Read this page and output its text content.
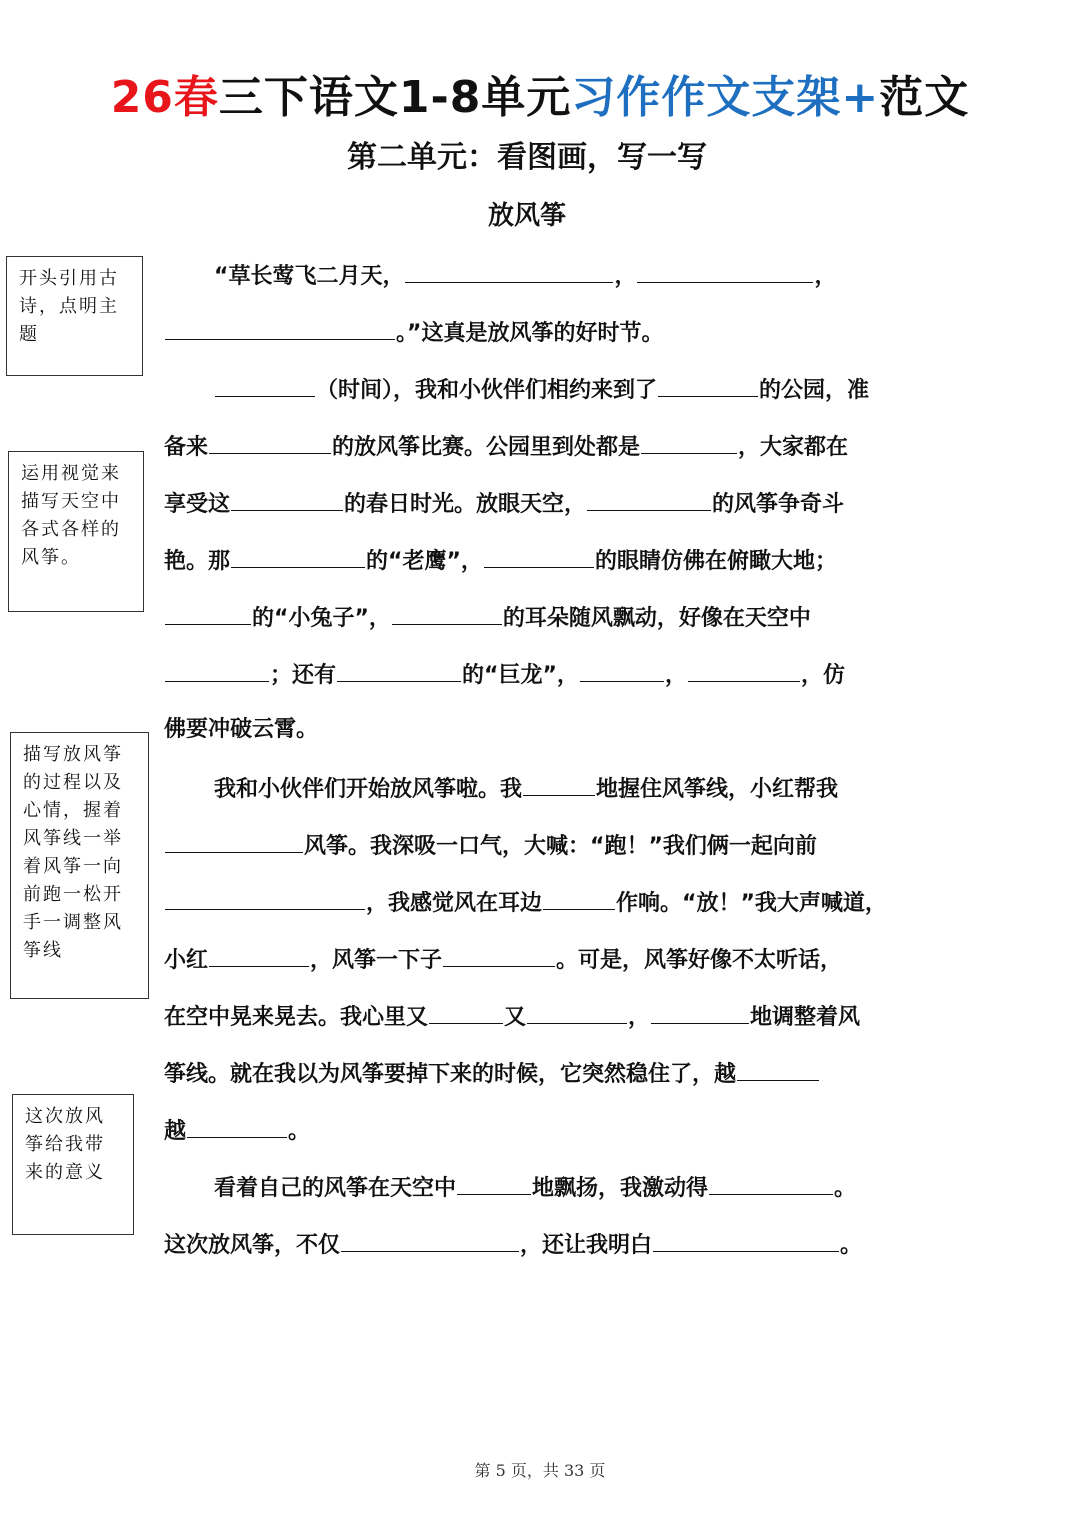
26春三下语文1-8单元习作作文支架+范文
第二单元：看图画，写一写
放风筝
开头引用古诗，点明主题
运用视觉来描写天空中各式各样的风筝。
描写放风筝的过程以及心情，握着风筝线一举着风筝一向前跑一松开手一调整风筝线
这次放风筝给我带来的意义
“草长莺飞二月天，	，	，
。”这真是放风筝的好时节。
（时间），我和小伙伴们相约来到了	的公园，准
备来	的放风筝比赛。公园里到处都是	，大家都在
享受这	的春日时光。放眼天空，	的风筝争奇斗
艳。那	的“老鹰”，	的眼睛仿佛在俯瞰大地；
的“小兔子”，	的耳朵随风飘动，好像在天空中
；还有	的“巨龙”，	，	，仿
佛要冲破云霄。
我和小伙伴们开始放风筝啦。我	地握住风筝线，小红帮我
风筝。我深吸一口气，大喊：“跑！”我们俩一起向前
，我感觉风在耳边	作响。“放！”我大声喊道，
小红	，风筝一下子	。可是，风筝好像不太听话，
在空中晃来晃去。我心里又	又	，	地调整着风
筝线。就在我以为风筝要掉下来的时候，它突然稳住了，越
越	。
看着自己的风筝在天空中	地飘扬，我激动得	。
这次放风筝，不仅	，还让我明白	。
第 5 页，共 33 页
